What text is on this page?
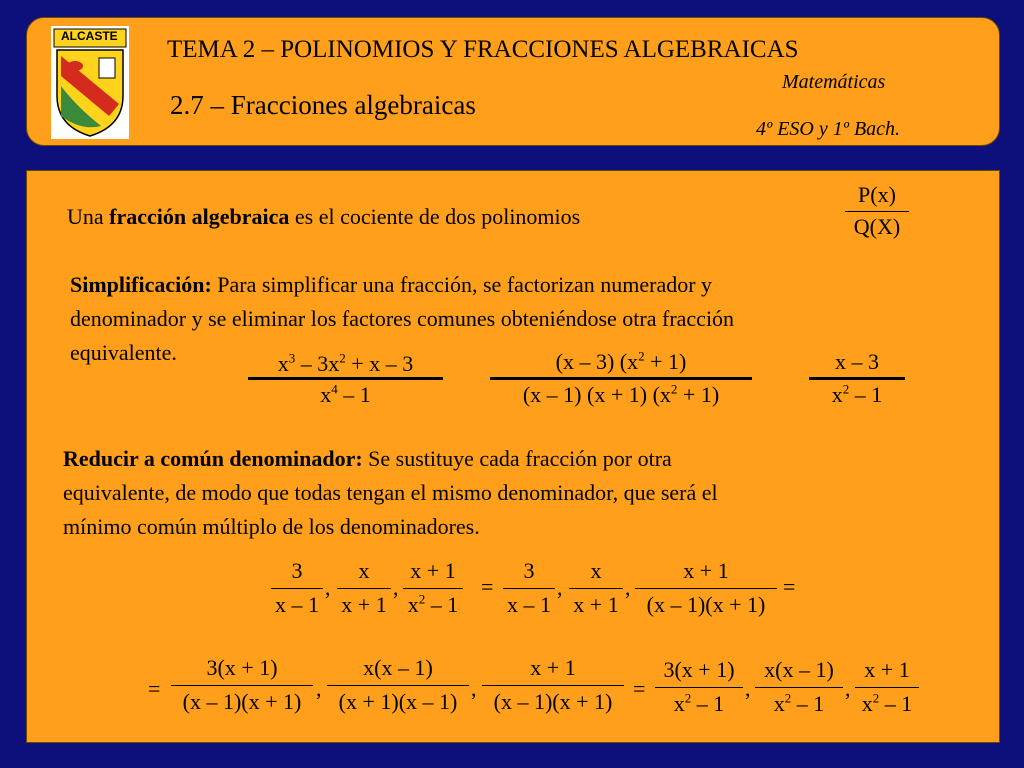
ALCASTE TEMA 2 – POLINOMIOS Y FRACCIONES ALGEBRAICAS
2.7 – Fracciones algebraicas
Matemáticas
4º ESO y 1º Bach.
Una fracción algebraica es el cociente de dos polinomios
P(x)
Q(X)
Simplificación: Para simplificar una fracción, se factorizan numerador y
denominador y se eliminar los factores comunes obteniéndose otra fracción
equivalente.	$x^3 - 3x^2 + x - 3$
$x^4 - 1$
(x – 3) $(x^2 + 1)$
(x – 1) (x + 1) $(x^2 + 1)$
x – 3
$x^2 - 1$
Reducir a común denominador: Se sustituye cada fracción por otra
equivalente, de modo que todas tengan el mismo denominador, que será el
mínimo común múltiplo de los denominadores.
3
x – 1
,
x
x + 1
,
x + 1
$x^2 - 1$
=
3
x – 1
,
x
x + 1
,
x + 1
(x – 1)(x + 1)
=
=
3(x + 1)
(x – 1)(x + 1)
,
x(x – 1)
(x + 1)(x – 1)
,
x + 1
(x – 1)(x + 1)
=
3(x + 1)
$x^2 - 1$
,
x(x – 1)
$x^2 - 1$
,
x + 1
$x^2 - 1$
